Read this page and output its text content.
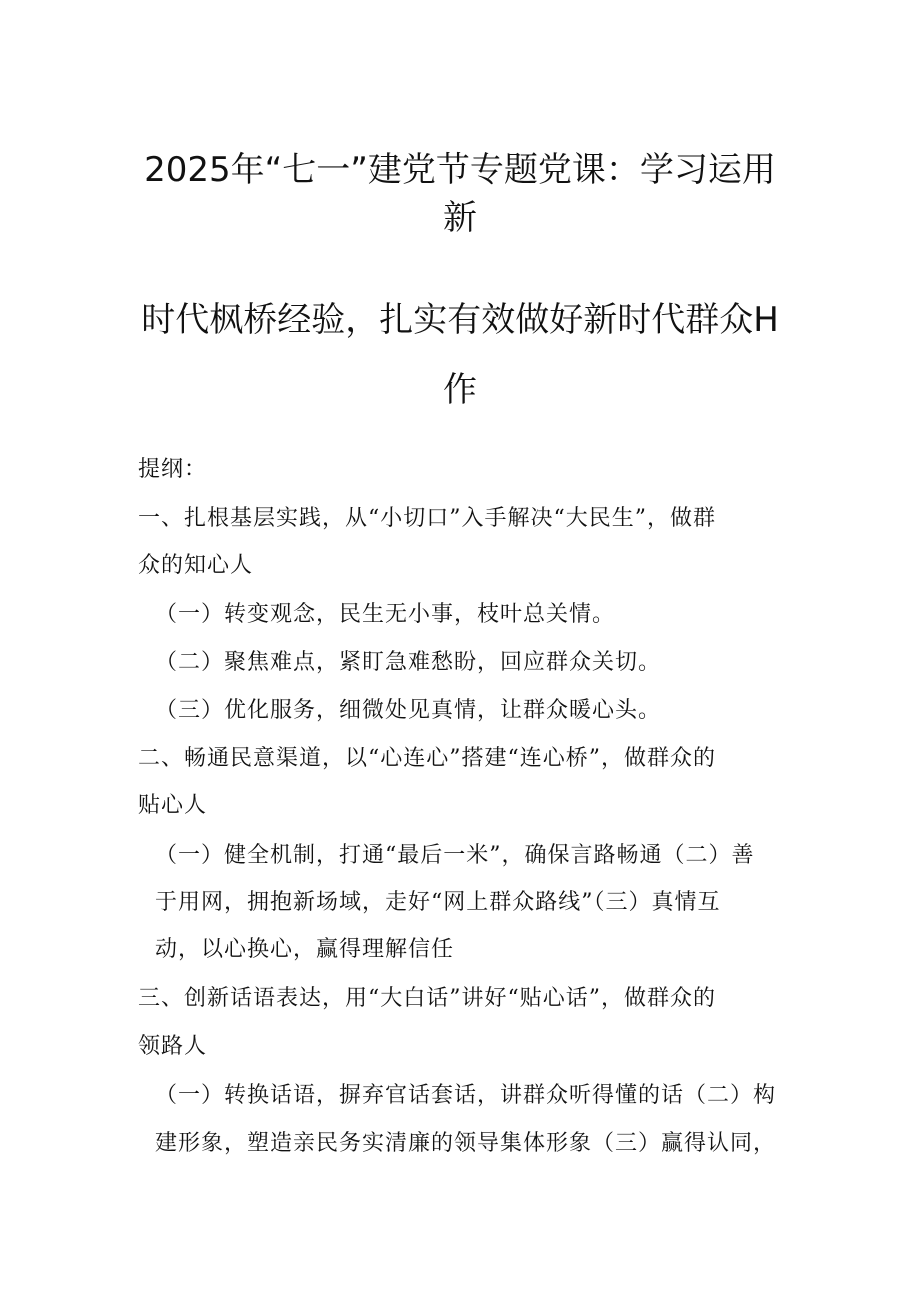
2025年“七一”建党节专题党课：学习运用
新
时代枫桥经验，扎实有效做好新时代群众H
作
提纲：
一、扎根基层实践，从“小切口”入手解决“大民生”，做群
众的知心人
（一）转变观念，民生无小事，枝叶总关情。
（二）聚焦难点，紧盯急难愁盼，回应群众关切。
（三）优化服务，细微处见真情，让群众暖心头。
二、畅通民意渠道，以“心连心”搭建“连心桥”，做群众的
贴心人
（一）健全机制，打通“最后一米”，确保言路畅通（二）善
于用网，拥抱新场域，走好“网上群众路线”（三）真情互
动，以心换心，赢得理解信任
三、创新话语表达，用“大白话”讲好“贴心话”，做群众的
领路人
（一）转换话语，摒弃官话套话，讲群众听得懂的话（二）构
建形象，塑造亲民务实清廉的领导集体形象（三）赢得认同，
